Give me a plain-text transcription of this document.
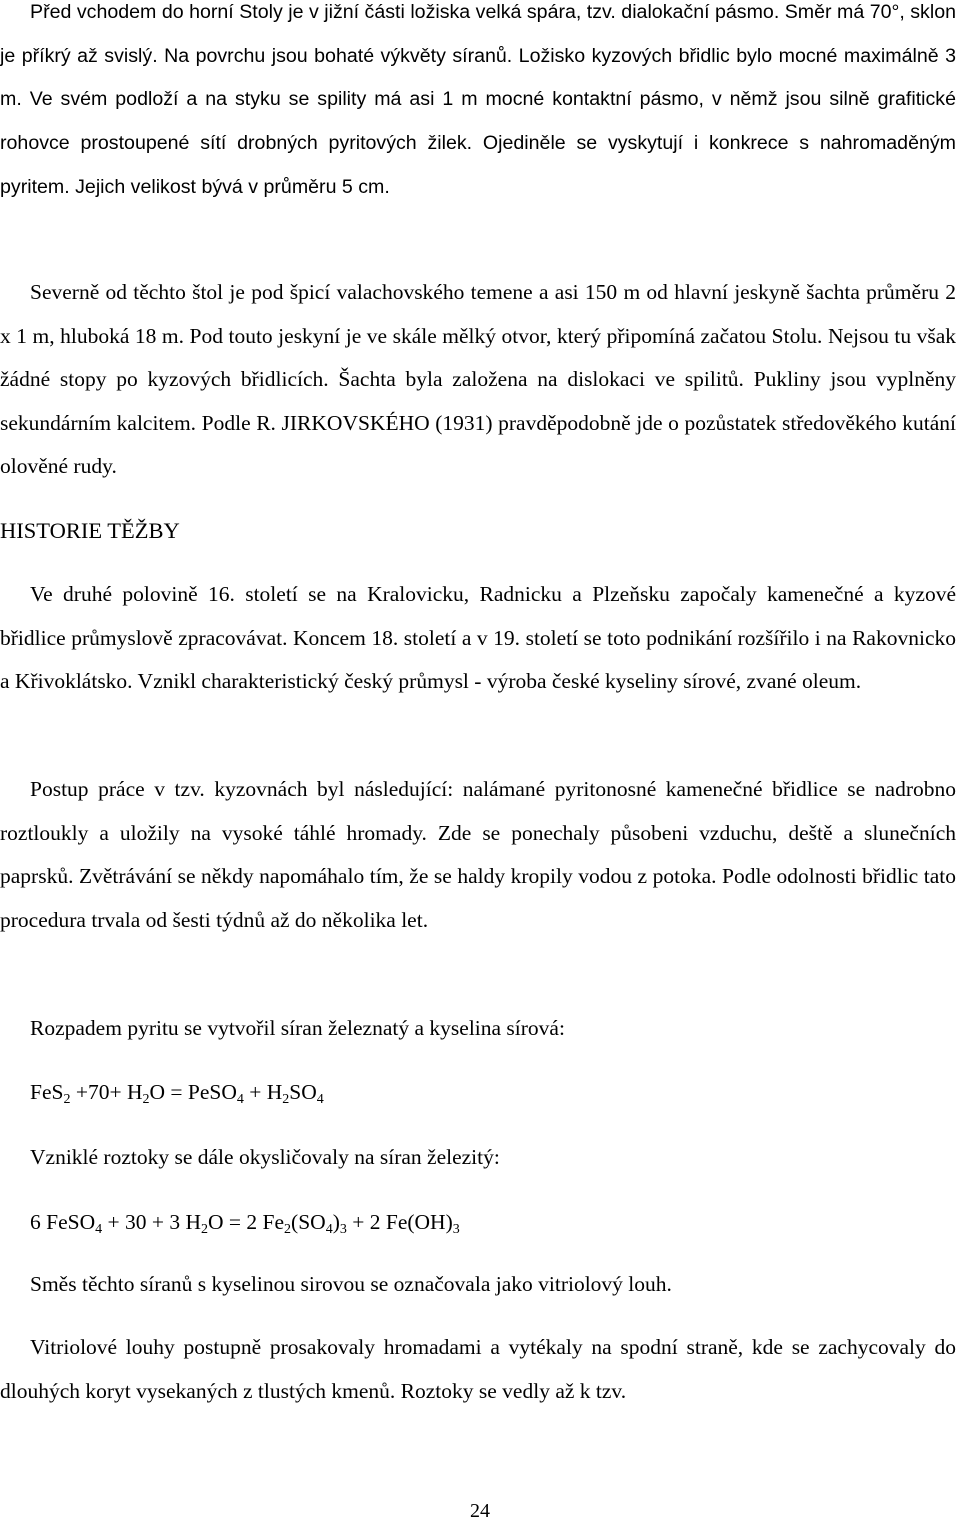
Před vchodem do horní Stoly je v jižní části ložiska velká spára, tzv. dialokační pásmo. Směr má 70°, sklon je příkrý až svislý. Na povrchu jsou bohaté výkvěty síranů. Ložisko kyzových břidlic bylo mocné maximálně 3 m. Ve svém podloží a na styku se spility má asi 1 m mocné kontaktní pásmo, v němž jsou silně grafitické rohovce prostoupené sítí drobných pyritových žilek. Ojediněle se vyskytují i konkrece s nahromaděným pyritem. Jejich velikost bývá v průměru 5 cm.

Severně od těchto štol je pod špicí valachovského temene a asi 150 m od hlavní jeskyně šachta průměru 2 x 1 m, hluboká 18 m. Pod touto jeskyní je ve skále mělký otvor, který připomíná začatou Stolu. Nejsou tu však žádné stopy po kyzových břidlicích. Šachta byla založena na dislokaci ve spilitů. Pukliny jsou vyplněny sekundárním kalcitem. Podle R. JIRKOVSKÉHO (1931) pravděpodobně jde o pozůstatek středověkého kutání olověné rudy.

HISTORIE TĚŽBY

Ve druhé polovině 16. století se na Kralovicku, Radnicku a Plzeňsku započaly kamenečné a kyzové břidlice průmyslově zpracovávat. Koncem 18. století a v 19. století se toto podnikání rozšířilo i na Rakovnicko a Křivoklátsko. Vznikl charakteristický český průmysl - výroba české kyseliny sírové, zvané oleum.

Postup práce v tzv. kyzovnách byl následující: nalámané pyritonosné kamenečné břidlice se nadrobno roztloukly a uložily na vysoké táhlé hromady. Zde se ponechaly působeni vzduchu, deště a slunečních paprsků. Zvětrávání se někdy napomáhalo tím, že se haldy kropily vodou z potoka. Podle odolnosti břidlic tato procedura trvala od šesti týdnů až do několika let.

Rozpadem pyritu se vytvořil síran železnatý a kyselina sírová:

$FeS_2 +70+ H_2O$ = PeSO$_4$ + $H_2SO_4$

Vzniklé roztoky se dále okysličovaly na síran železitý:

6 FeSO$_4$ + 30 + 3 $H_2O = 2$ $Fe_2(SO_4)_3 + 2$ $Fe(OH)_3$

Směs těchto síranů s kyselinou sirovou se označovala jako vitriolový louh.

Vitriolové louhy postupně prosakovaly hromadami a vytékaly na spodní straně, kde se zachycovaly do dlouhých koryt vysekaných z tlustých kmenů. Roztoky se vedly až k tzv.

24
